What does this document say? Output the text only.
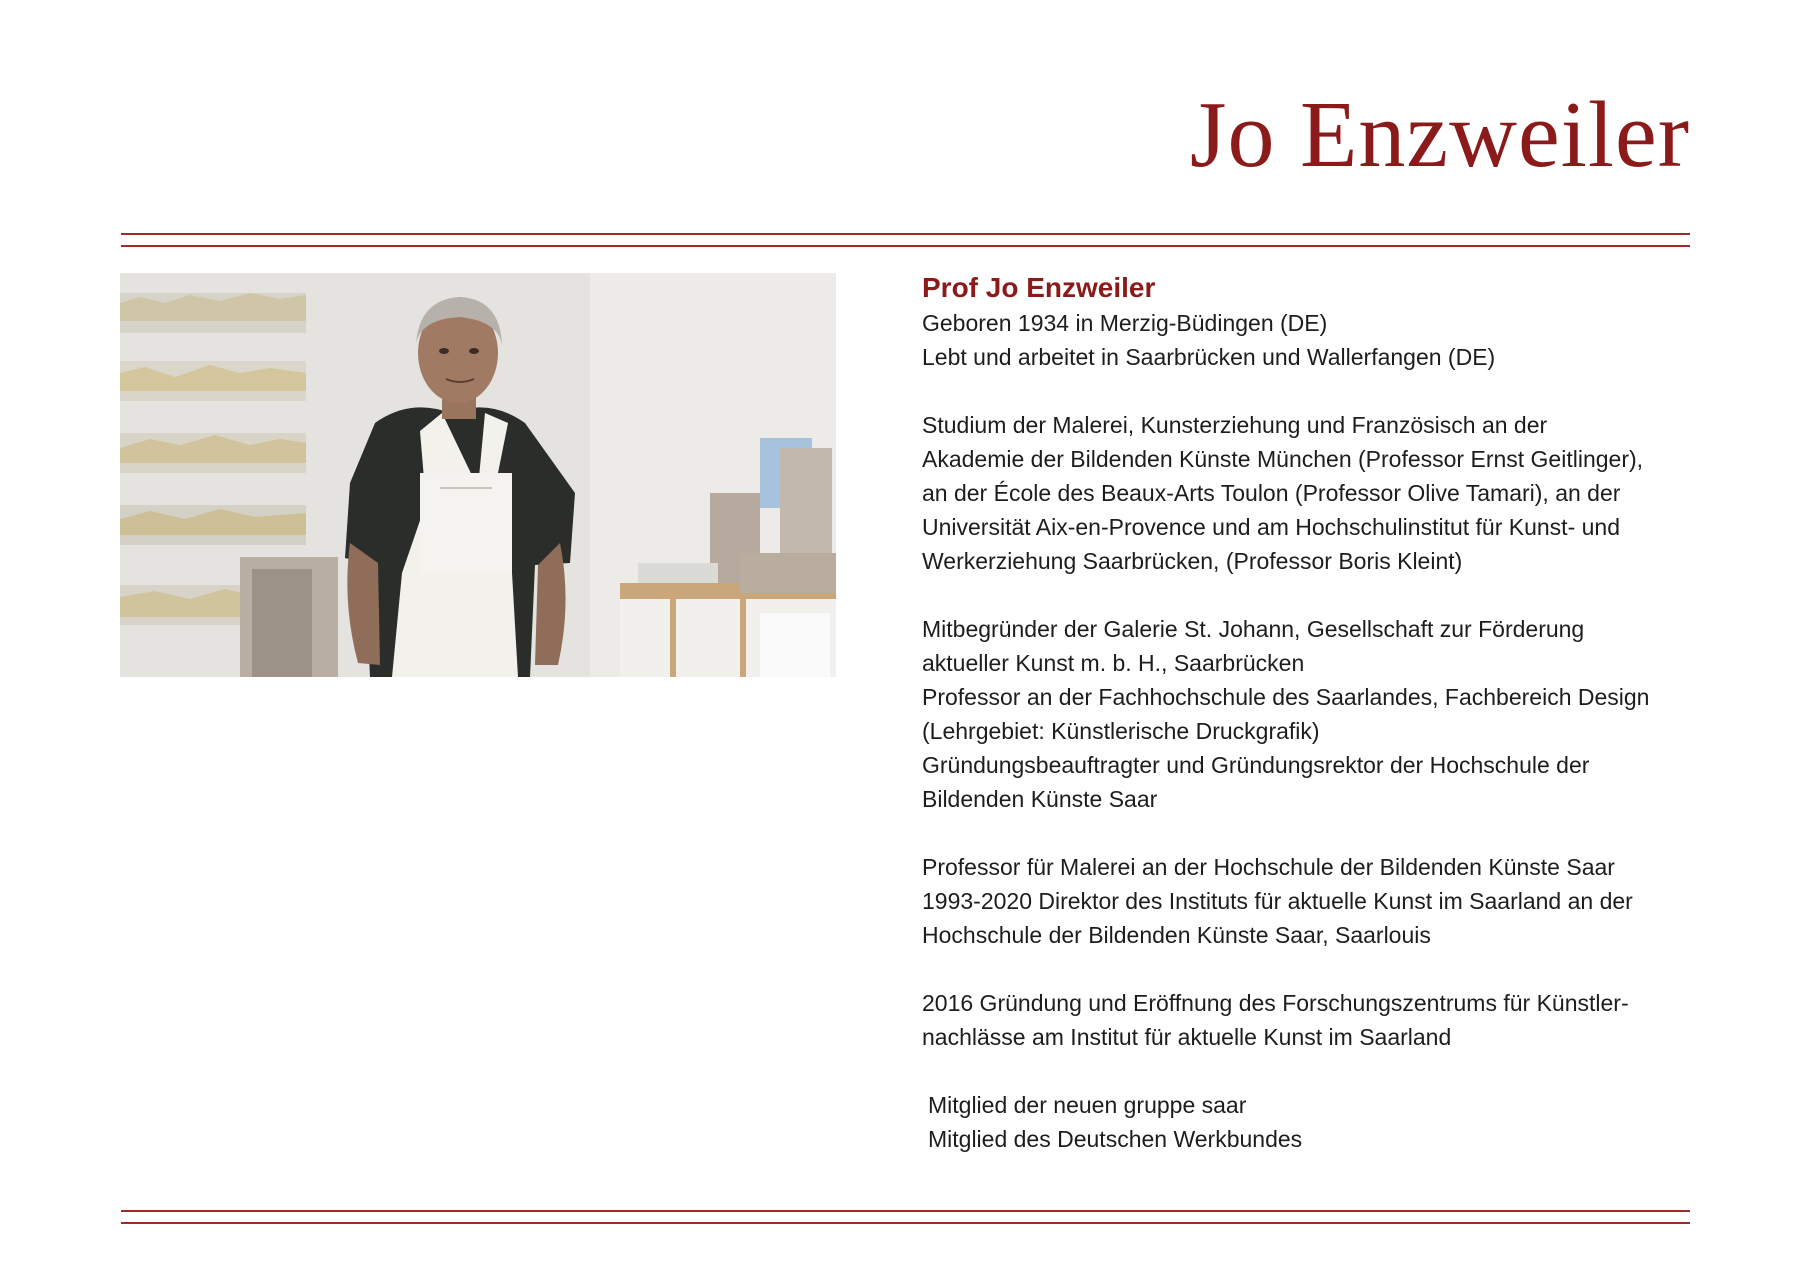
Jo Enzweiler
Prof Jo Enzweiler
Geboren 1934 in Merzig-Büdingen (DE)
Lebt und arbeitet in Saarbrücken und Wallerfangen (DE)
Studium der Malerei, Kunsterziehung und Französisch an der
Akademie der Bildenden Künste München (Professor Ernst Geitlinger),
an der École des Beaux-Arts Toulon (Professor Olive Tamari), an der
Universität Aix-en-Provence und am Hochschulinstitut für Kunst- und
Werkerziehung Saarbrücken, (Professor Boris Kleint)
Mitbegründer der Galerie St. Johann, Gesellschaft zur Förderung
aktueller Kunst m. b. H., Saarbrücken
Professor an der Fachhochschule des Saarlandes, Fachbereich Design
(Lehrgebiet: Künstlerische Druckgrafik)
Gründungsbeauftragter und Gründungsrektor der Hochschule der
Bildenden Künste Saar
Professor für Malerei an der Hochschule der Bildenden Künste Saar
1993-2020 Direktor des Instituts für aktuelle Kunst im Saarland an der
Hochschule der Bildenden Künste Saar, Saarlouis
2016 Gründung und Eröffnung des Forschungszentrums für Künstler-
nachlässe am Institut für aktuelle Kunst im Saarland
Mitglied der neuen gruppe saar
Mitglied des Deutschen Werkbundes
